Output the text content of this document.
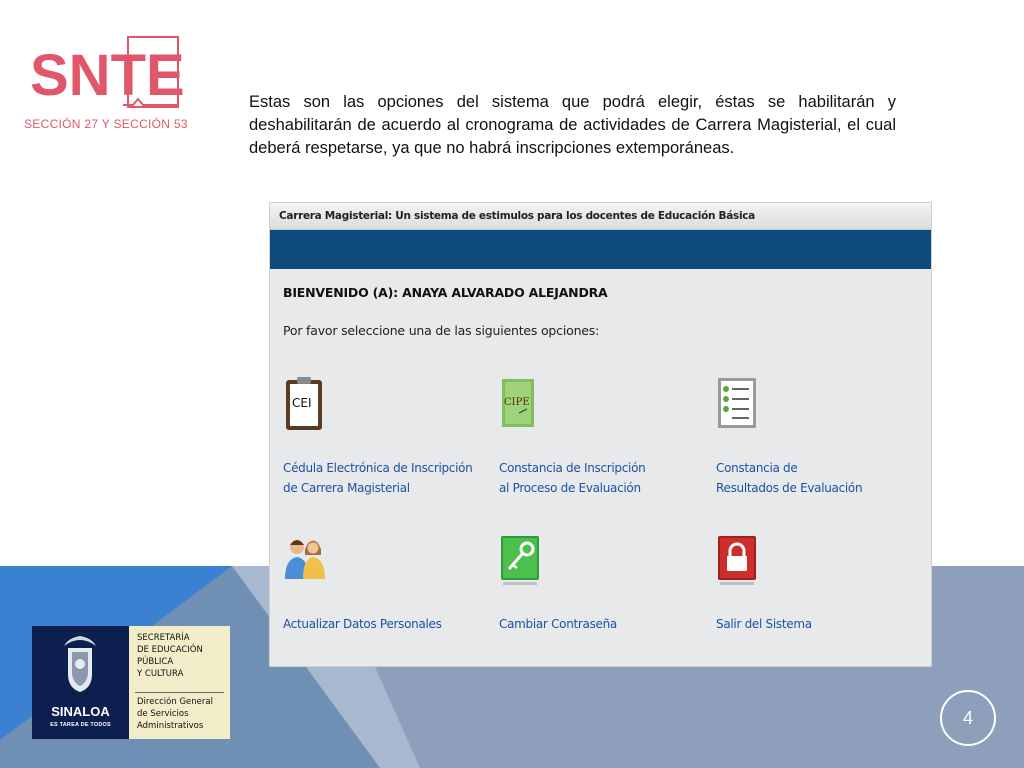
SNTE
SECCIÓN 27 Y SECCIÓN 53

Estas son las opciones del sistema que podrá elegir, éstas se habilitarán y deshabilitarán de acuerdo al cronograma de actividades de Carrera Magisterial, el cual deberá respetarse, ya que no habrá inscripciones extemporáneas.

Carrera Magisterial: Un sistema de estimulos para los docentes de Educación Básica
BIENVENIDO (A): ANAYA ALVARADO ALEJANDRA
Por favor seleccione una de las siguientes opciones:
CEI
Cédula Electrónica de Inscripción
de Carrera Magisterial
CIPE
Constancia de Inscripción
al Proceso de Evaluación
Constancia de
Resultados de Evaluación
Actualizar Datos Personales	Cambiar Contraseña	Salir del Sistema
SINALOA
ES TAREA DE TODOS
SECRETARÍA
DE EDUCACIÓN
PÚBLICA
Y CULTURA
Dirección General
de Servicios
Administrativos	4
